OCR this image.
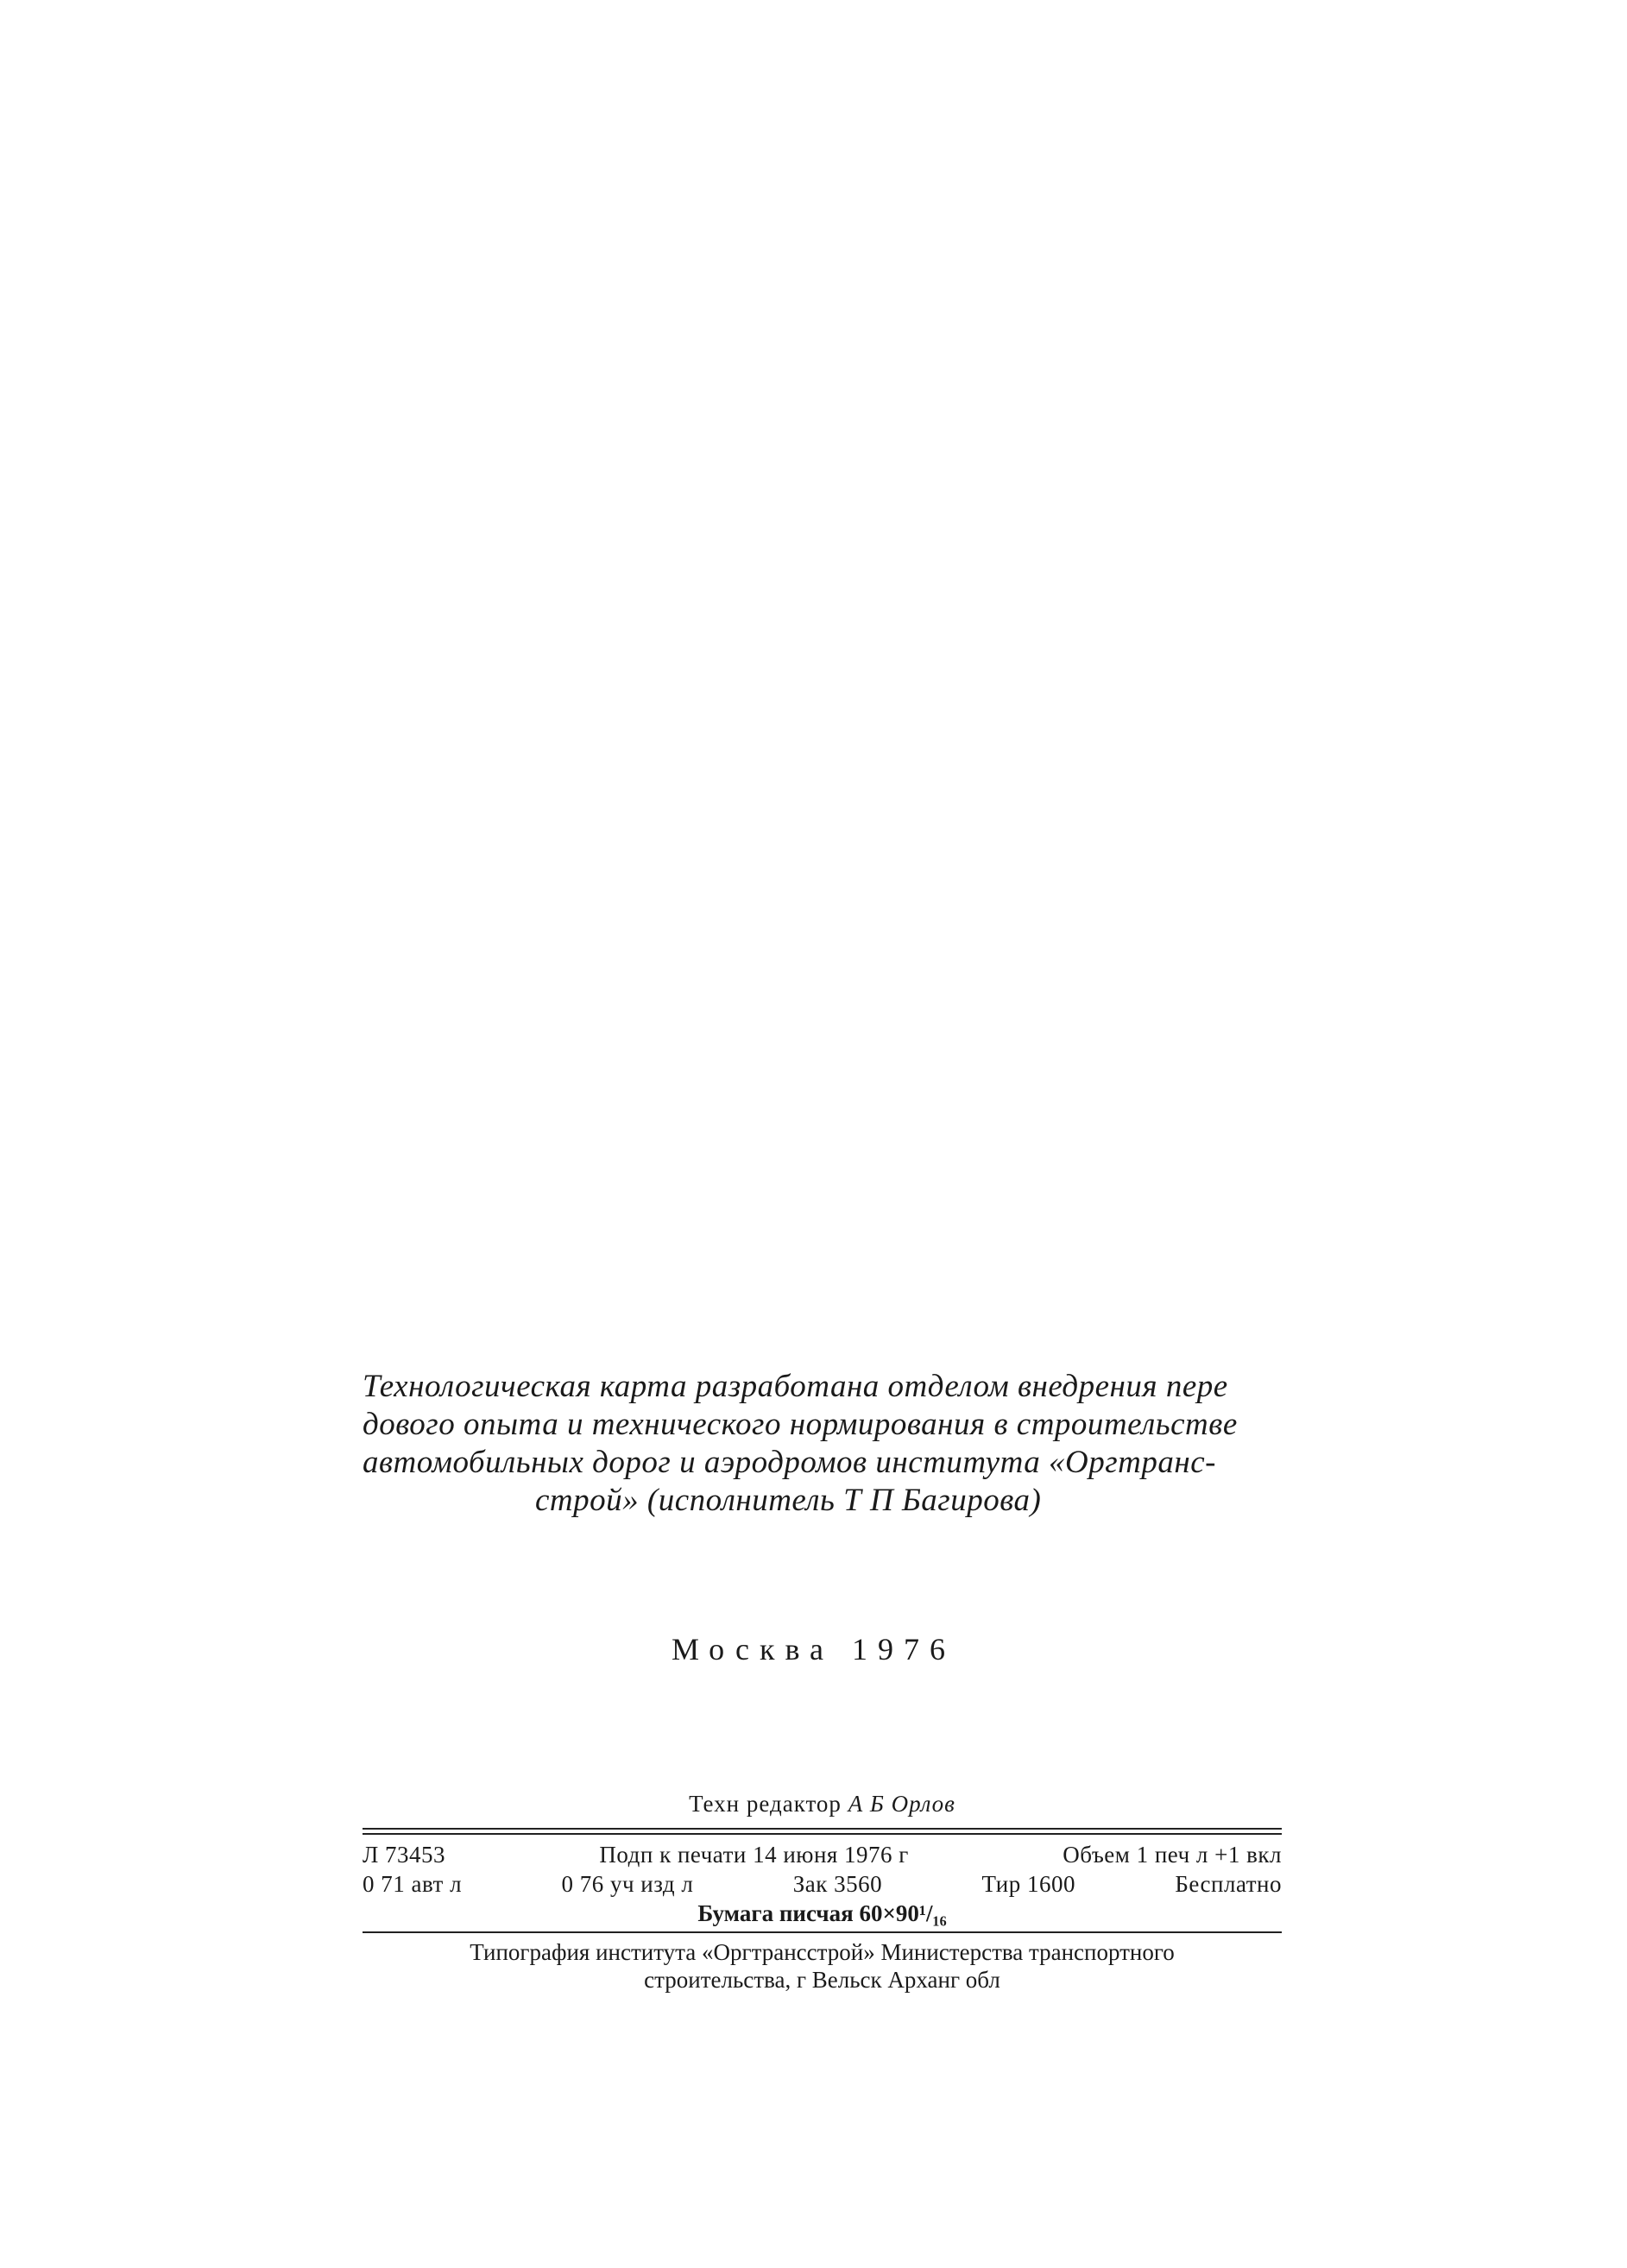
Технологическая карта разработана отделом внедрения пере
дового опыта и технического нормирования в строительстве
автомобильных дорог и аэродромов института «Оргтранс-
строй» (исполнитель Т П Багирова)
Москва 1976
Техн редактор А Б Орлов
Л 73453	Подп к печати 14 июня 1976 г	Объем 1 печ л +1 вкл
0 71 авт л	0 76 уч изд л	Зак 3560	Тир 1600	Бесплатно
Бумага писчая 60×90¹/₁₆
Типография института «Оргтрансстрой» Министерства транспортного
строительства, г Вельск Арханг обл
